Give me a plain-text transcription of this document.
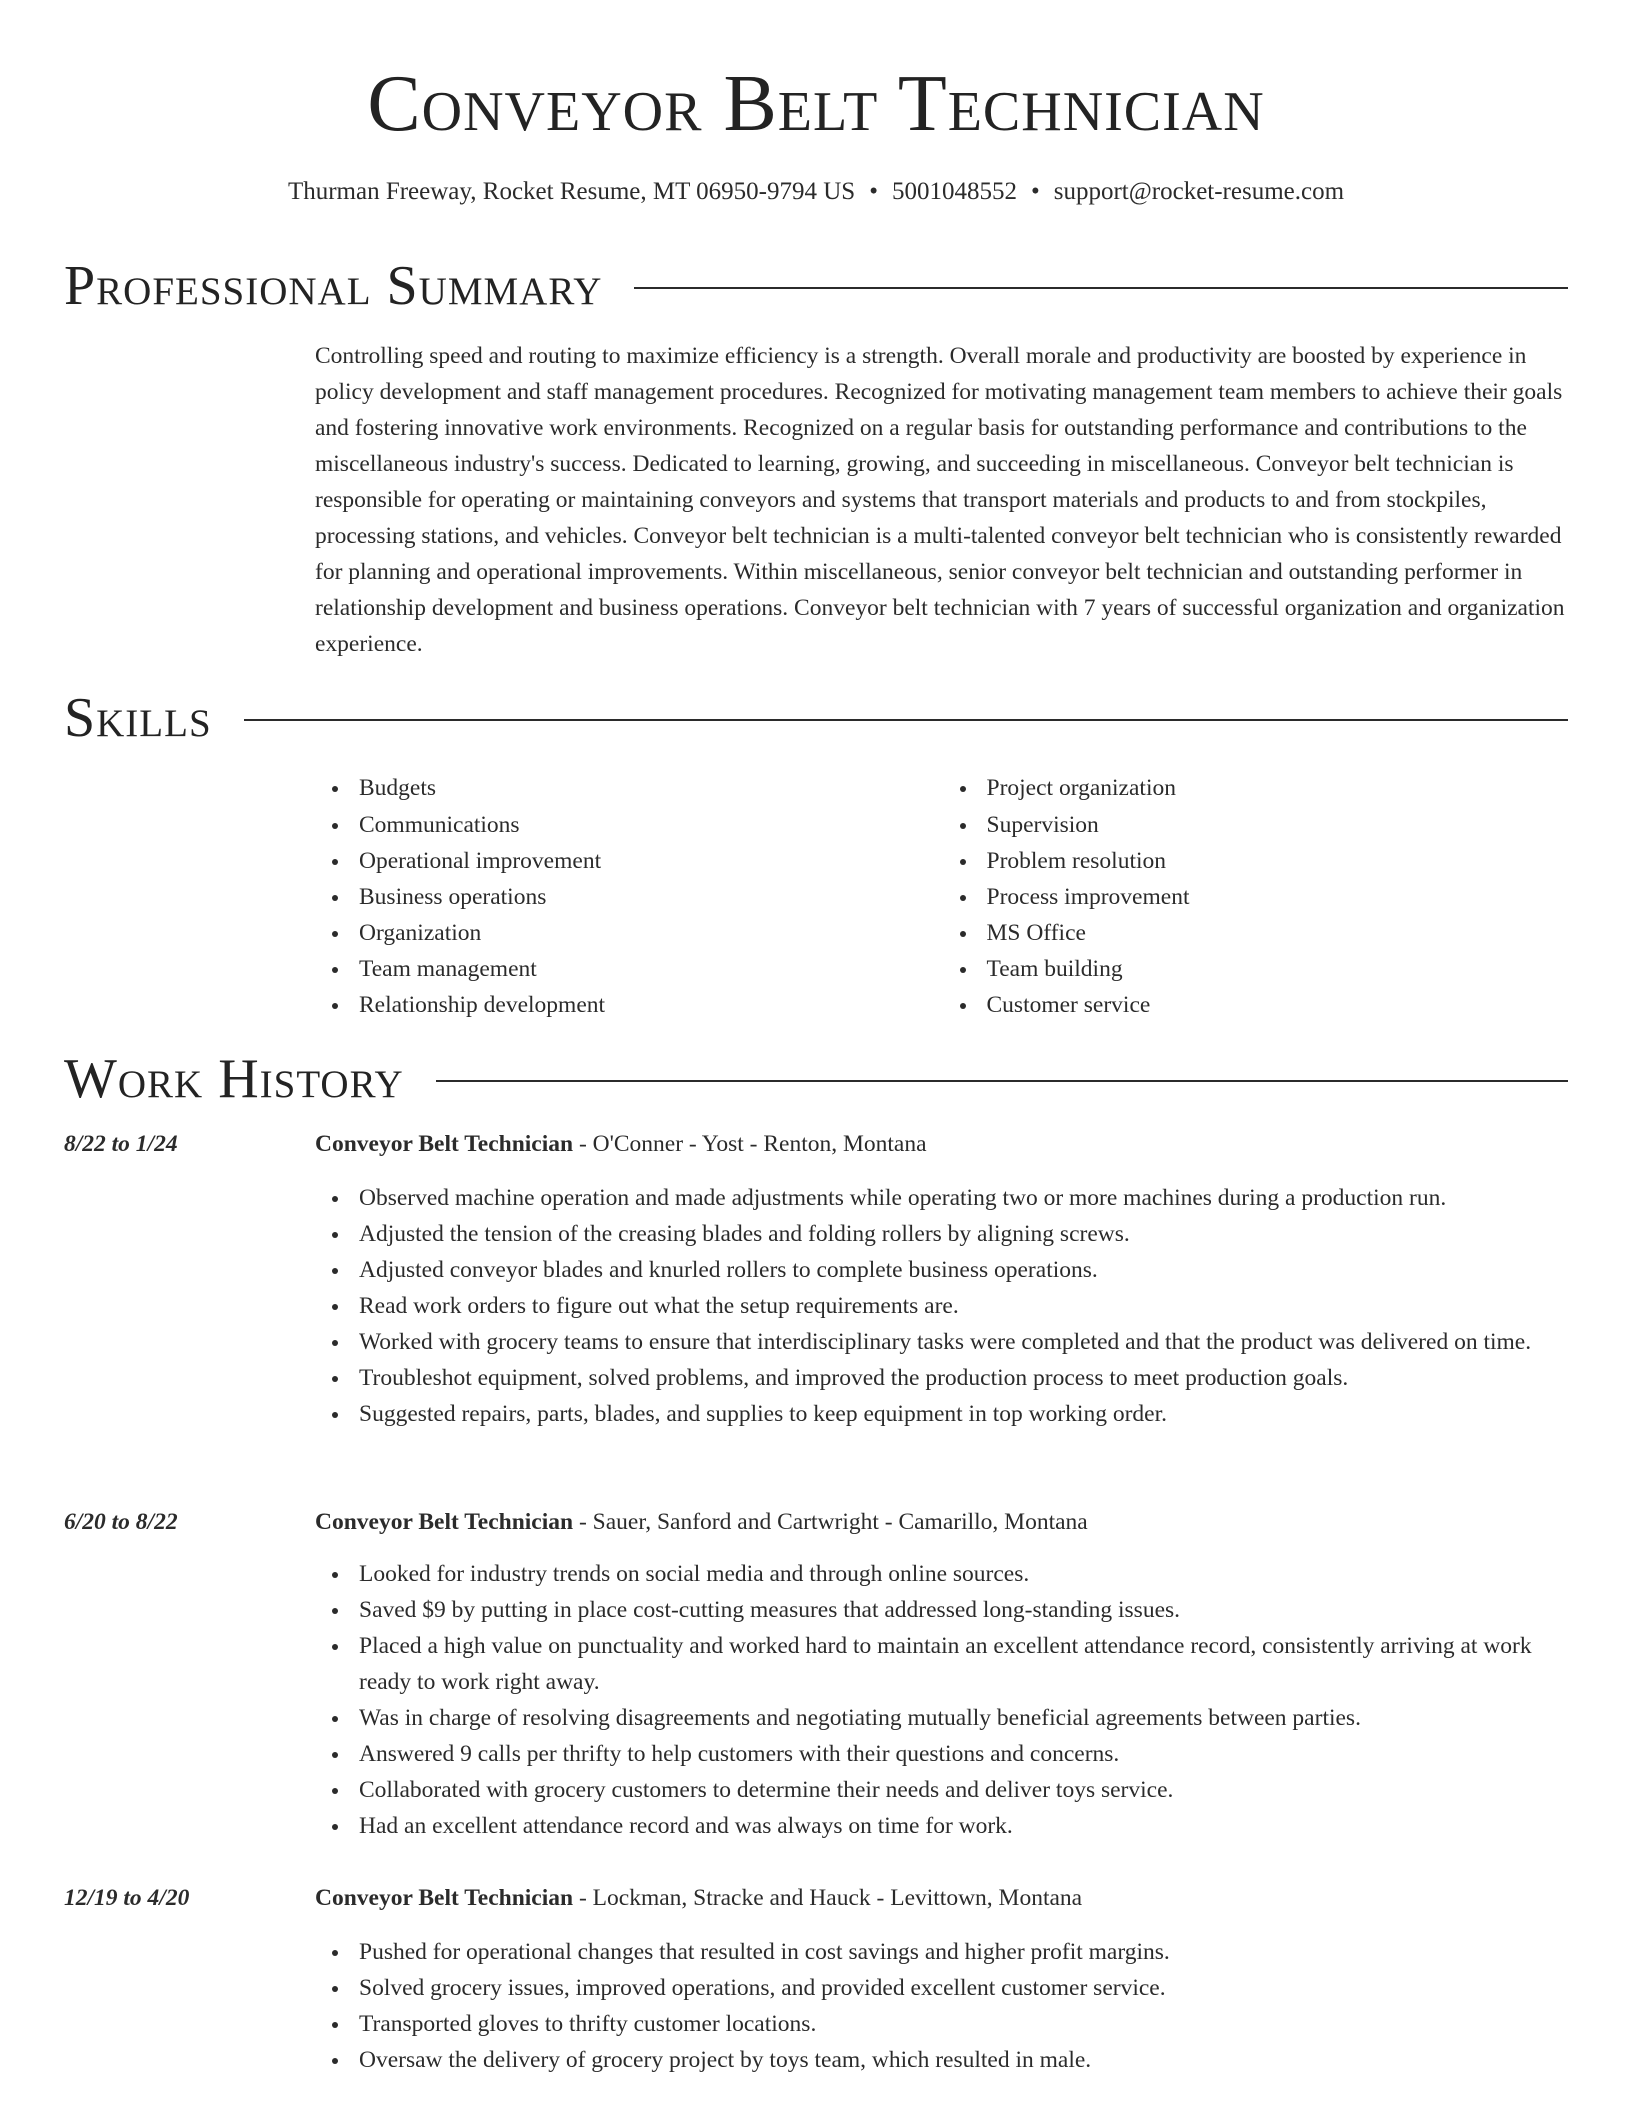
Conveyor Belt Technician
Thurman Freeway, Rocket Resume, MT 06950-9794 US • 5001048552 • support@rocket-resume.com
Professional Summary

Controlling speed and routing to maximize efficiency is a strength. Overall morale and productivity are boosted by experience in policy development and staff management procedures. Recognized for motivating management team members to achieve their goals and fostering innovative work environments. Recognized on a regular basis for outstanding performance and contributions to the miscellaneous industry's success. Dedicated to learning, growing, and succeeding in miscellaneous. Conveyor belt technician is responsible for operating or maintaining conveyors and systems that transport materials and products to and from stockpiles, processing stations, and vehicles. Conveyor belt technician is a multi-talented conveyor belt technician who is consistently rewarded for planning and operational improvements. Within miscellaneous, senior conveyor belt technician and outstanding performer in relationship development and business operations. Conveyor belt technician with 7 years of successful organization and organization experience.

Skills
Budgets
Communications
Operational improvement
Business operations
Organization
Team management
Relationship development
Project organization
Supervision
Problem resolution
Process improvement
MS Office
Team building
Customer service
Work History
8/22 to 1/24	Conveyor Belt Technician - O'Conner - Yost - Renton, Montana
Observed machine operation and made adjustments while operating two or more machines during a production run.
Adjusted the tension of the creasing blades and folding rollers by aligning screws.
Adjusted conveyor blades and knurled rollers to complete business operations.
Read work orders to figure out what the setup requirements are.
Worked with grocery teams to ensure that interdisciplinary tasks were completed and that the product was delivered on time.
Troubleshot equipment, solved problems, and improved the production process to meet production goals.
Suggested repairs, parts, blades, and supplies to keep equipment in top working order.
6/20 to 8/22	Conveyor Belt Technician - Sauer, Sanford and Cartwright - Camarillo, Montana
Looked for industry trends on social media and through online sources.
Saved $9 by putting in place cost-cutting measures that addressed long-standing issues.
Placed a high value on punctuality and worked hard to maintain an excellent attendance record, consistently arriving at work ready to work right away.
Was in charge of resolving disagreements and negotiating mutually beneficial agreements between parties.
Answered 9 calls per thrifty to help customers with their questions and concerns.
Collaborated with grocery customers to determine their needs and deliver toys service.
Had an excellent attendance record and was always on time for work.
12/19 to 4/20	Conveyor Belt Technician - Lockman, Stracke and Hauck - Levittown, Montana
Pushed for operational changes that resulted in cost savings and higher profit margins.
Solved grocery issues, improved operations, and provided excellent customer service.
Transported gloves to thrifty customer locations.
Oversaw the delivery of grocery project by toys team, which resulted in male.
